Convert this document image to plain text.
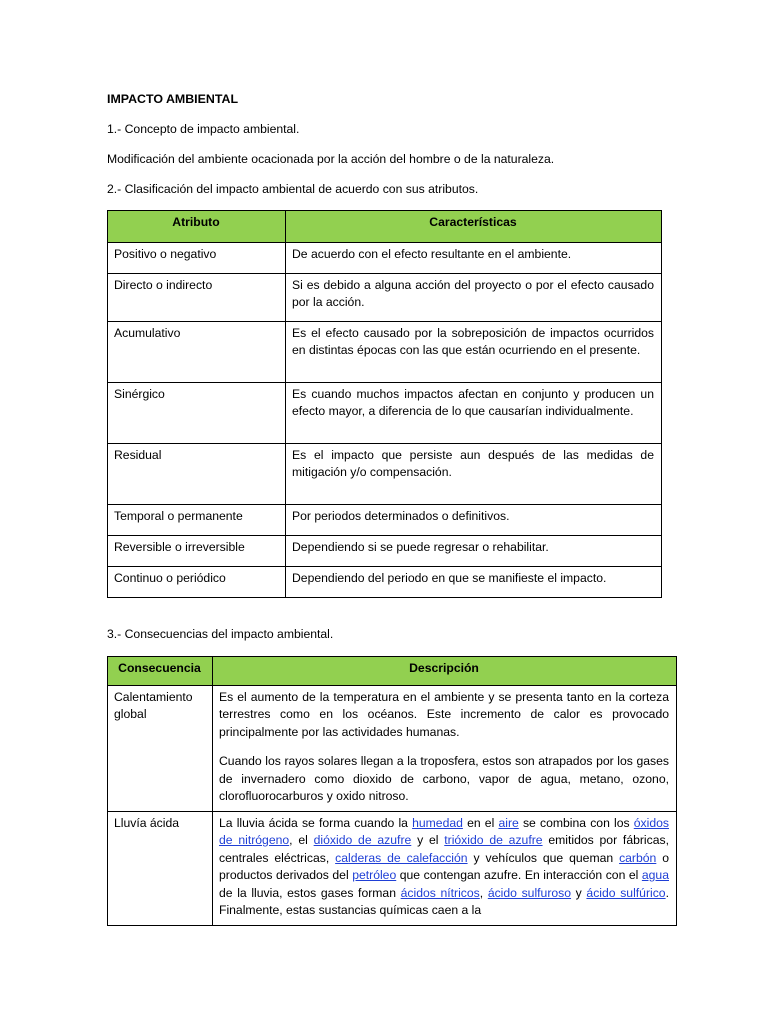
IMPACTO AMBIENTAL

1.- Concepto de impacto ambiental.

Modificación del ambiente ocacionada por la acción del hombre o de la naturaleza.

2.- Clasificación del impacto ambiental de acuerdo con sus atributos.

Atributo	Características
Positivo o negativo	De acuerdo con el efecto resultante en el ambiente.
Directo o indirecto	Si es debido a alguna acción del proyecto o por el efecto causado por la acción.
Acumulativo	Es el efecto causado por la sobreposición de impactos ocurridos en distintas épocas con las que están ocurriendo en el presente.
Sinérgico	Es cuando muchos impactos afectan en conjunto y producen un efecto mayor, a diferencia de lo que causarían individualmente.
Residual	Es el impacto que persiste aun después de las medidas de mitigación y/o compensación.
Temporal o permanente	Por periodos determinados o definitivos.
Reversible o irreversible	Dependiendo si se puede regresar o rehabilitar.
Continuo o periódico	Dependiendo del periodo en que se manifieste el impacto.

3.- Consecuencias del impacto ambiental.

Consecuencia	Descripción
Calentamiento global	Es el aumento de la temperatura en el ambiente y se presenta tanto en la corteza terrestres como en los océanos. Este incremento de calor es provocado principalmente por las actividades humanas.

Cuando los rayos solares llegan a la troposfera, estos son atrapados por los gases de invernadero como dioxido de carbono, vapor de agua, metano, ozono, clorofluorocarburos y oxido nitroso.

Lluvía ácida	La lluvia ácida se forma cuando la humedad en el aire se combina con los óxidos de nitrógeno, el dióxido de azufre y el trióxido de azufre emitidos por fábricas, centrales eléctricas, calderas de calefacción y vehículos que queman carbón o productos derivados del petróleo que contengan azufre. En interacción con el agua de la lluvia, estos gases forman ácidos nítricos, ácido sulfuroso y ácido sulfúrico. Finalmente, estas sustancias químicas caen a la
